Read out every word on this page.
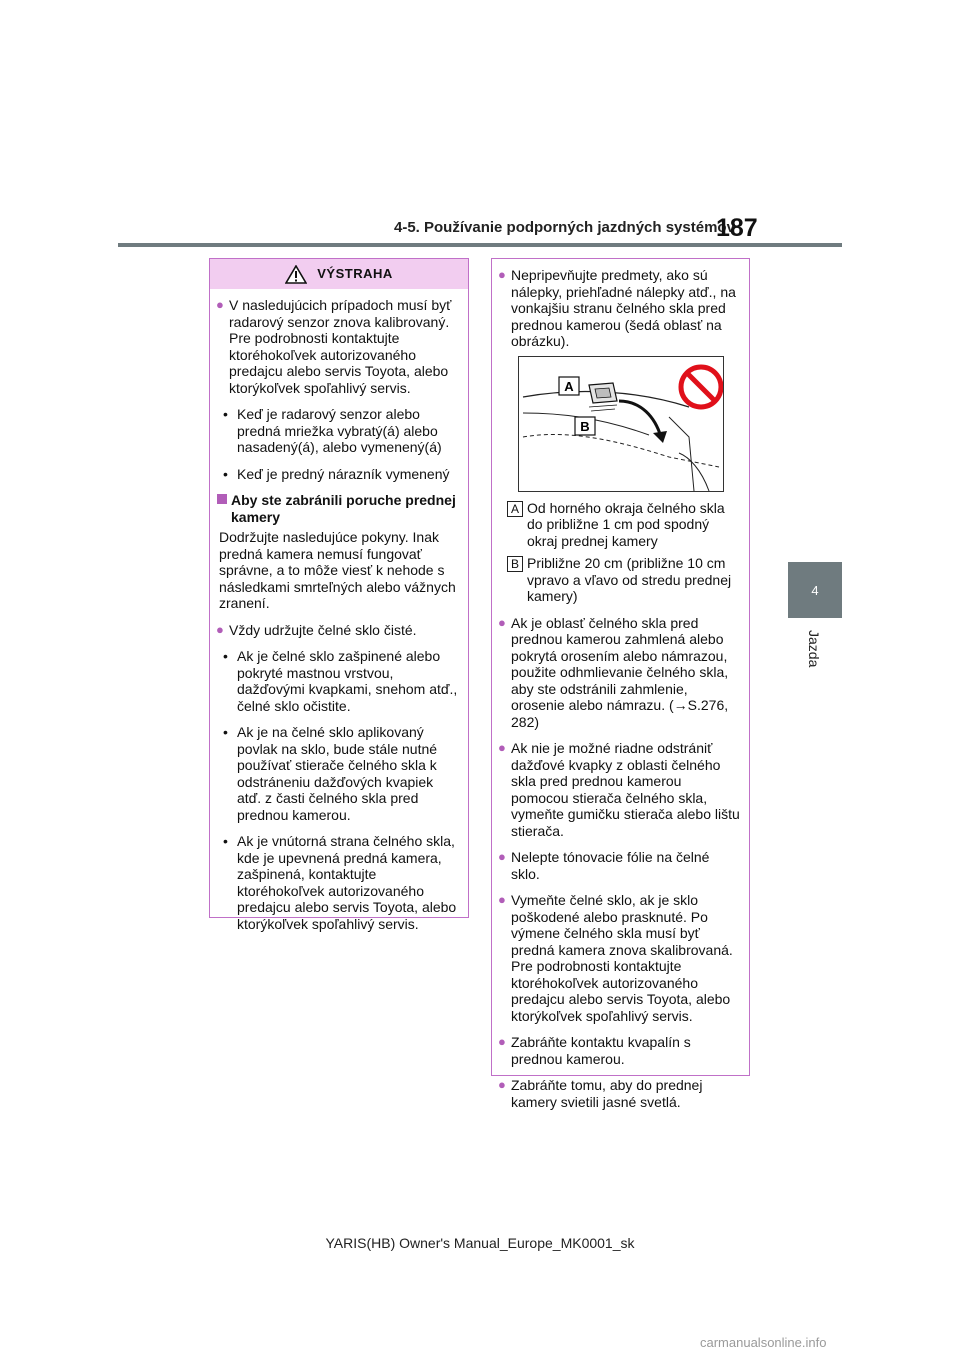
4-5. Používanie podporných jazdných systémov
187
4
Jazda
VÝSTRAHA
● V nasledujúcich prípadoch musí byť radarový senzor znova kalibrovaný. Pre podrobnosti kontaktujte ktoréhokoľvek autorizovaného predajcu alebo servis Toyota, alebo ktorýkoľvek spoľahlivý servis.
• Keď je radarový senzor alebo predná mriežka vybratý(á) alebo nasadený(á), alebo vymenený(á)
• Keď je predný nárazník vymenený
Aby ste zabránili poruche prednej kamery
Dodržujte nasledujúce pokyny. Inak predná kamera nemusí fungovať správne, a to môže viesť k nehode s následkami smrteľných alebo vážnych zranení.
● Vždy udržujte čelné sklo čisté.
• Ak je čelné sklo zašpinené alebo pokryté mastnou vrstvou, dažďovými kvapkami, snehom atď., čelné sklo očistite.
• Ak je na čelné sklo aplikovaný povlak na sklo, bude stále nutné používať stierače čelného skla k odstráneniu dažďových kvapiek atď. z časti čelného skla pred prednou kamerou.
• Ak je vnútorná strana čelného skla, kde je upevnená predná kamera, zašpinená, kontaktujte ktoréhokoľvek autorizovaného predajcu alebo servis Toyota, alebo ktorýkoľvek spoľahlivý servis.
● Nepripevňujte predmety, ako sú nálepky, priehľadné nálepky atď., na vonkajšiu stranu čelného skla pred prednou kamerou (šedá oblasť na obrázku).
A
B
A Od horného okraja čelného skla do približne 1 cm pod spodný okraj prednej kamery
B Približne 20 cm (približne 10 cm vpravo a vľavo od stredu prednej kamery)
● Ak je oblasť čelného skla pred prednou kamerou zahmlená alebo pokrytá orosením alebo námrazou, použite odhmlievanie čelného skla, aby ste odstránili zahmlenie, orosenie alebo námrazu. (→S.276, 282)
● Ak nie je možné riadne odstrániť dažďové kvapky z oblasti čelného skla pred prednou kamerou pomocou stierača čelného skla, vymeňte gumičku stierača alebo lištu stierača.
● Nelepte tónovacie fólie na čelné sklo.
● Vymeňte čelné sklo, ak je sklo poškodené alebo prasknuté. Po výmene čelného skla musí byť predná kamera znova skalibrovaná. Pre podrobnosti kontaktujte ktoréhokoľvek autorizovaného predajcu alebo servis Toyota, alebo ktorýkoľvek spoľahlivý servis.
● Zabráňte kontaktu kvapalín s prednou kamerou.
● Zabráňte tomu, aby do prednej kamery svietili jasné svetlá.
YARIS(HB) Owner's Manual_Europe_MK0001_sk
carmanualsonline.info
